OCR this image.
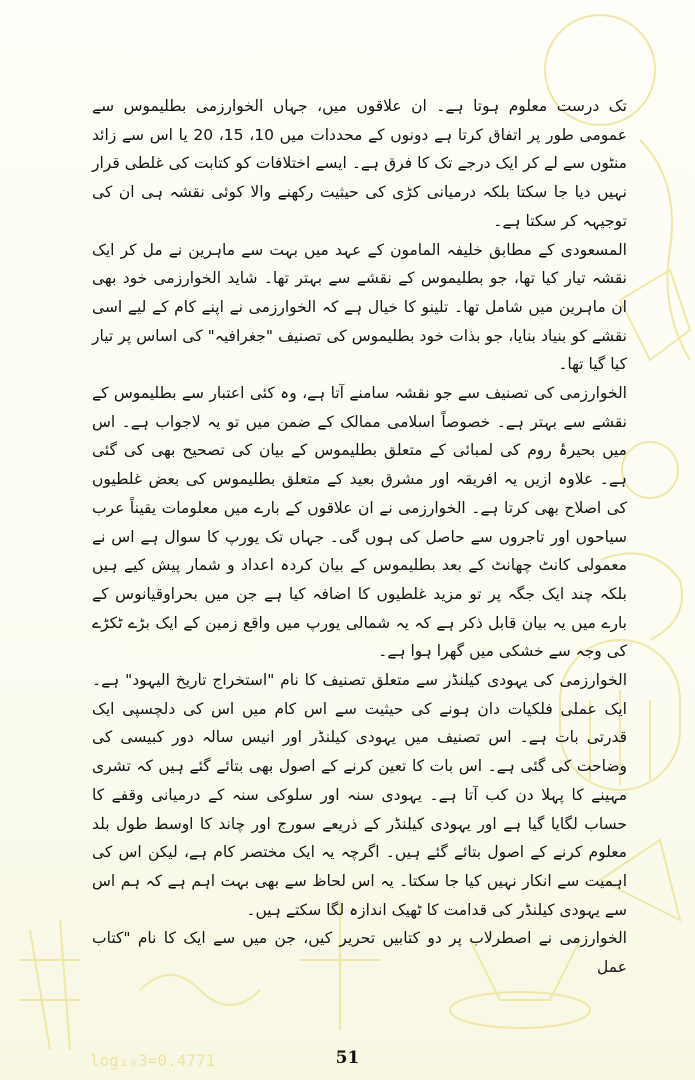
log₁₀3=0.4771

تک درست معلوم ہوتا ہے۔ ان علاقوں میں، جہاں الخوارزمی بطلیموس سے عمومی طور پر اتفاق کرتا ہے دونوں کے محددات میں 10، 15، 20 یا اس سے زائد منٹوں سے لے کر ایک درجے تک کا فرق ہے۔ ایسے اختلافات کو کتابت کی غلطی قرار نہیں دیا جا سکتا بلکہ درمیانی کڑی کی حیثیت رکھنے والا کوئی نقشہ ہی ان کی توجیہہ کر سکتا ہے۔

المسعودی کے مطابق خلیفہ المامون کے عہد میں بہت سے ماہرین نے مل کر ایک نقشہ تیار کیا تھا، جو بطلیموس کے نقشے سے بہتر تھا۔ شاید الخوارزمی خود بھی ان ماہرین میں شامل تھا۔ تلینو کا خیال ہے کہ الخوارزمی نے اپنے کام کے لیے اسی نقشے کو بنیاد بنایا، جو بذات خود بطلیموس کی تصنیف "جغرافیہ" کی اساس پر تیار کیا گیا تھا۔

الخوارزمی کی تصنیف سے جو نقشہ سامنے آتا ہے، وہ کئی اعتبار سے بطلیموس کے نقشے سے بہتر ہے۔ خصوصاً اسلامی ممالک کے ضمن میں تو یہ لاجواب ہے۔ اس میں بحیرۂ روم کی لمبائی کے متعلق بطلیموس کے بیان کی تصحیح بھی کی گئی ہے۔ علاوہ ازیں یہ افریقہ اور مشرق بعید کے متعلق بطلیموس کی بعض غلطیوں کی اصلاح بھی کرتا ہے۔ الخوارزمی نے ان علاقوں کے بارے میں معلومات یقیناً عرب سیاحوں اور تاجروں سے حاصل کی ہوں گی۔ جہاں تک یورپ کا سوال ہے اس نے معمولی کانٹ چھانٹ کے بعد بطلیموس کے بیان کردہ اعداد و شمار پیش کیے ہیں بلکہ چند ایک جگہ پر تو مزید غلطیوں کا اضافہ کیا ہے جن میں بحراوقیانوس کے بارے میں یہ بیان قابل ذکر ہے کہ یہ شمالی یورپ میں واقع زمین کے ایک بڑے ٹکڑے کی وجہ سے خشکی میں گھرا ہوا ہے۔

الخوارزمی کی یہودی کیلنڈر سے متعلق تصنیف کا نام "استخراج تاریخ الیہود" ہے۔ ایک عملی فلکیات دان ہونے کی حیثیت سے اس کام میں اس کی دلچسپی ایک قدرتی بات ہے۔ اس تصنیف میں یہودی کیلنڈر اور انیس سالہ دور کبیسی کی وضاحت کی گئی ہے۔ اس بات کا تعین کرنے کے اصول بھی بتائے گئے ہیں کہ تشری مہینے کا پہلا دن کب آتا ہے۔ یہودی سنہ اور سلوکی سنہ کے درمیانی وقفے کا حساب لگایا گیا ہے اور یہودی کیلنڈر کے ذریعے سورج اور چاند کا اوسط طول بلد معلوم کرنے کے اصول بتائے گئے ہیں۔ اگرچہ یہ ایک مختصر کام ہے، لیکن اس کی اہمیت سے انکار نہیں کیا جا سکتا۔ یہ اس لحاظ سے بھی بہت اہم ہے کہ ہم اس سے یہودی کیلنڈر کی قدامت کا ٹھیک اندازہ لگا سکتے ہیں۔

الخوارزمی نے اصطرلاب پر دو کتابیں تحریر کیں، جن میں سے ایک کا نام "کتاب عمل

51
